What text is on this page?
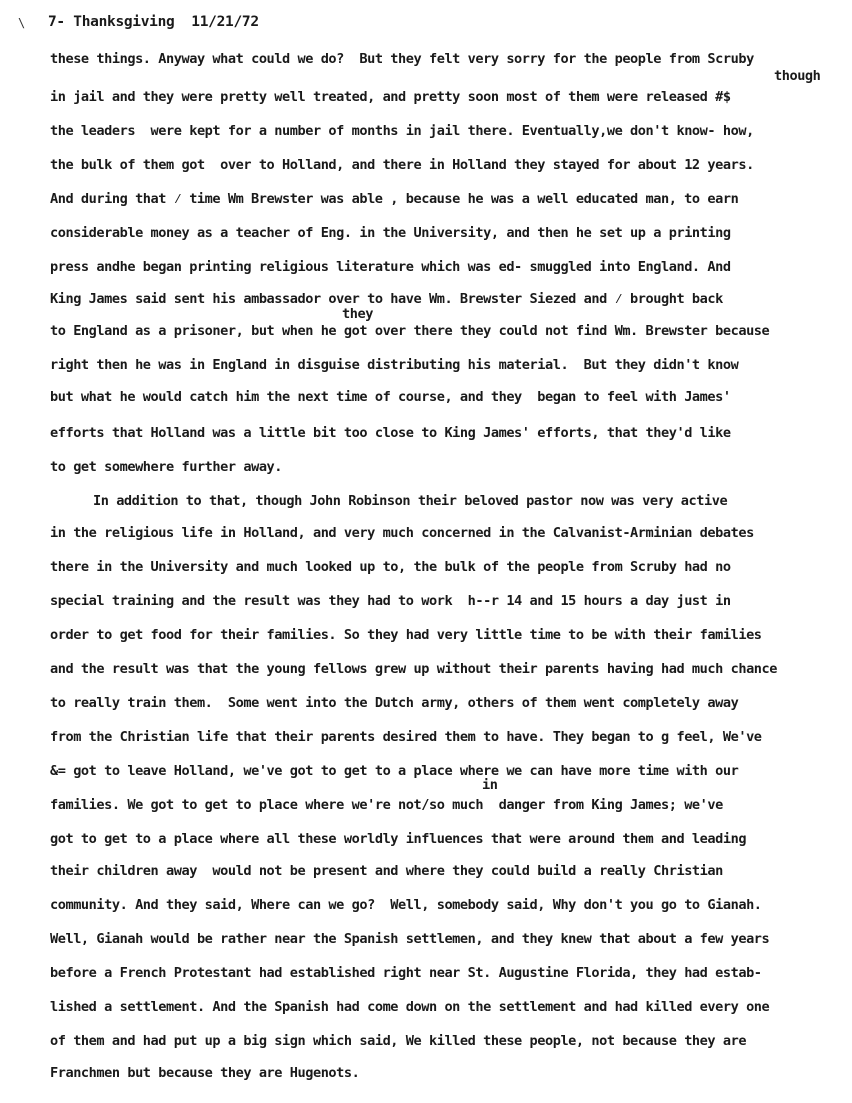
\ 7- Thanksgiving  11/21/72
though
they
in
these things. Anyway what could we do?  But they felt very sorry for the people from Scruby
in jail and they were pretty well treated, and pretty soon most of them were released #$
the leaders  were kept for a number of months in jail there. Eventually,we don't know- how,
the bulk of them got  over to Holland, and there in Holland they stayed for about 12 years.
And during that ⁄ time Wm Brewster was able , because he was a well educated man, to earn
considerable money as a teacher of Eng. in the University, and then he set up a printing
press andhe began printing religious literature which was ed- smuggled into England. And
King James said sent his ambassador over to have Wm. Brewster Siezed and ⁄ brought back
to England as a prisoner, but when he got over there they could not find Wm. Brewster because
right then he was in England in disguise distributing his material.  But they didn't know
but what he would catch him the next time of course, and they  began to feel with James'
efforts that Holland was a little bit too close to King James' efforts, that they'd like
to get somewhere further away.
In addition to that, though John Robinson their beloved pastor now was very active
in the religious life in Holland, and very much concerned in the Calvanist-Arminian debates
there in the University and much looked up to, the bulk of the people from Scruby had no
special training and the result was they had to work  h--r 14 and 15 hours a day just in
order to get food for their families. So they had very little time to be with their families
and the result was that the young fellows grew up without their parents having had much chance
to really train them.  Some went into the Dutch army, others of them went completely away
from the Christian life that their parents desired them to have. They began to g feel, We've
&= got to leave Holland, we've got to get to a place where we can have more time with our
families. We got to get to place where we're not/so much  danger from King James; we've
got to get to a place where all these worldly influences that were around them and leading
their children away  would not be present and where they could build a really Christian
community. And they said, Where can we go?  Well, somebody said, Why don't you go to Gianah.
Well, Gianah would be rather near the Spanish settlemen, and they knew that about a few years
before a French Protestant had established right near St. Augustine Florida, they had estab-
lished a settlement. And the Spanish had come down on the settlement and had killed every one
of them and had put up a big sign which said, We killed these people, not because they are
Franchmen but because they are Hugenots.
